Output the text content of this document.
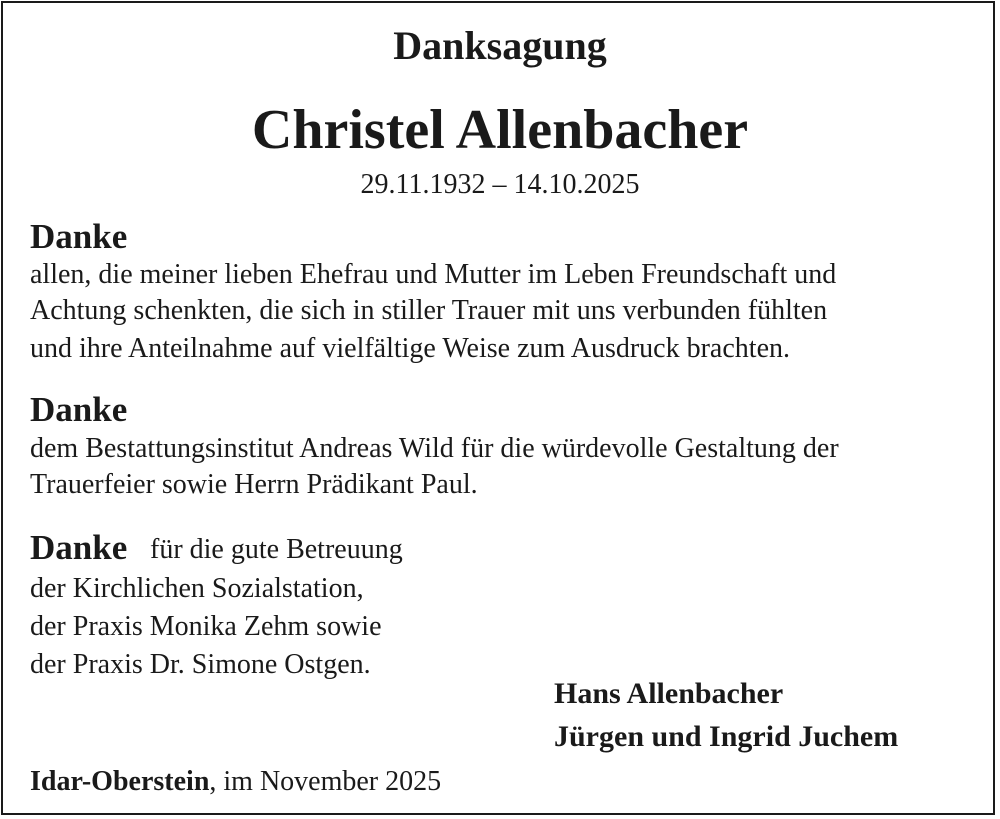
Danksagung
Christel Allenbacher
29.11.1932 – 14.10.2025
Danke
allen, die meiner lieben Ehefrau und Mutter im Leben Freundschaft und
Achtung schenkten, die sich in stiller Trauer mit uns verbunden fühlten
und ihre Anteilnahme auf vielfältige Weise zum Ausdruck brachten.
Danke
dem Bestattungsinstitut Andreas Wild für die würdevolle Gestaltung der
Trauerfeier sowie Herrn Prädikant Paul.
Danke für die gute Betreuung
der Kirchlichen Sozialstation,
der Praxis Monika Zehm sowie
der Praxis Dr. Simone Ostgen.
Hans Allenbacher
Jürgen und Ingrid Juchem
Idar-Oberstein, im November 2025
